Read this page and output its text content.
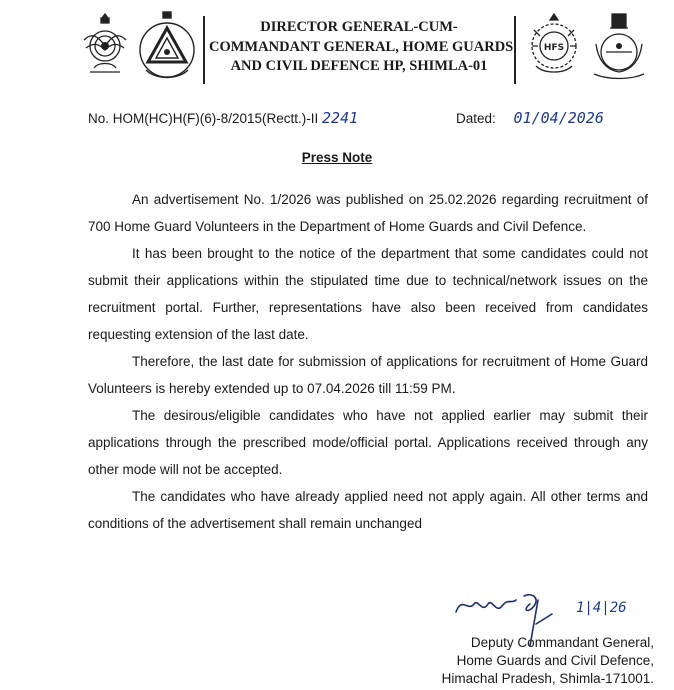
DIRECTOR GENERAL-CUM-
COMMANDANT GENERAL, HOME GUARDS
AND CIVIL DEFENCE HP, SHIMLA-01
HFS
No. HOM(HC)H(F)(6)-8/2015(Rectt.)-II 2241	Dated: 01/04/2026
Press Note

An advertisement No. 1/2026 was published on 25.02.2026 regarding recruitment of 700 Home Guard Volunteers in the Department of Home Guards and Civil Defence.

It has been brought to the notice of the department that some candidates could not submit their applications within the stipulated time due to technical/network issues on the recruitment portal. Further, representations have also been received from candidates requesting extension of the last date.

Therefore, the last date for submission of applications for recruitment of Home Guard Volunteers is hereby extended up to 07.04.2026 till 11:59 PM.

The desirous/eligible candidates who have not applied earlier may submit their applications through the prescribed mode/official portal. Applications received through any other mode will not be accepted.

The candidates who have already applied need not apply again. All other terms and conditions of the advertisement shall remain unchanged

1|4|26
Deputy Commandant General,
Home Guards and Civil Defence,
Himachal Pradesh, Shimla-171001.
